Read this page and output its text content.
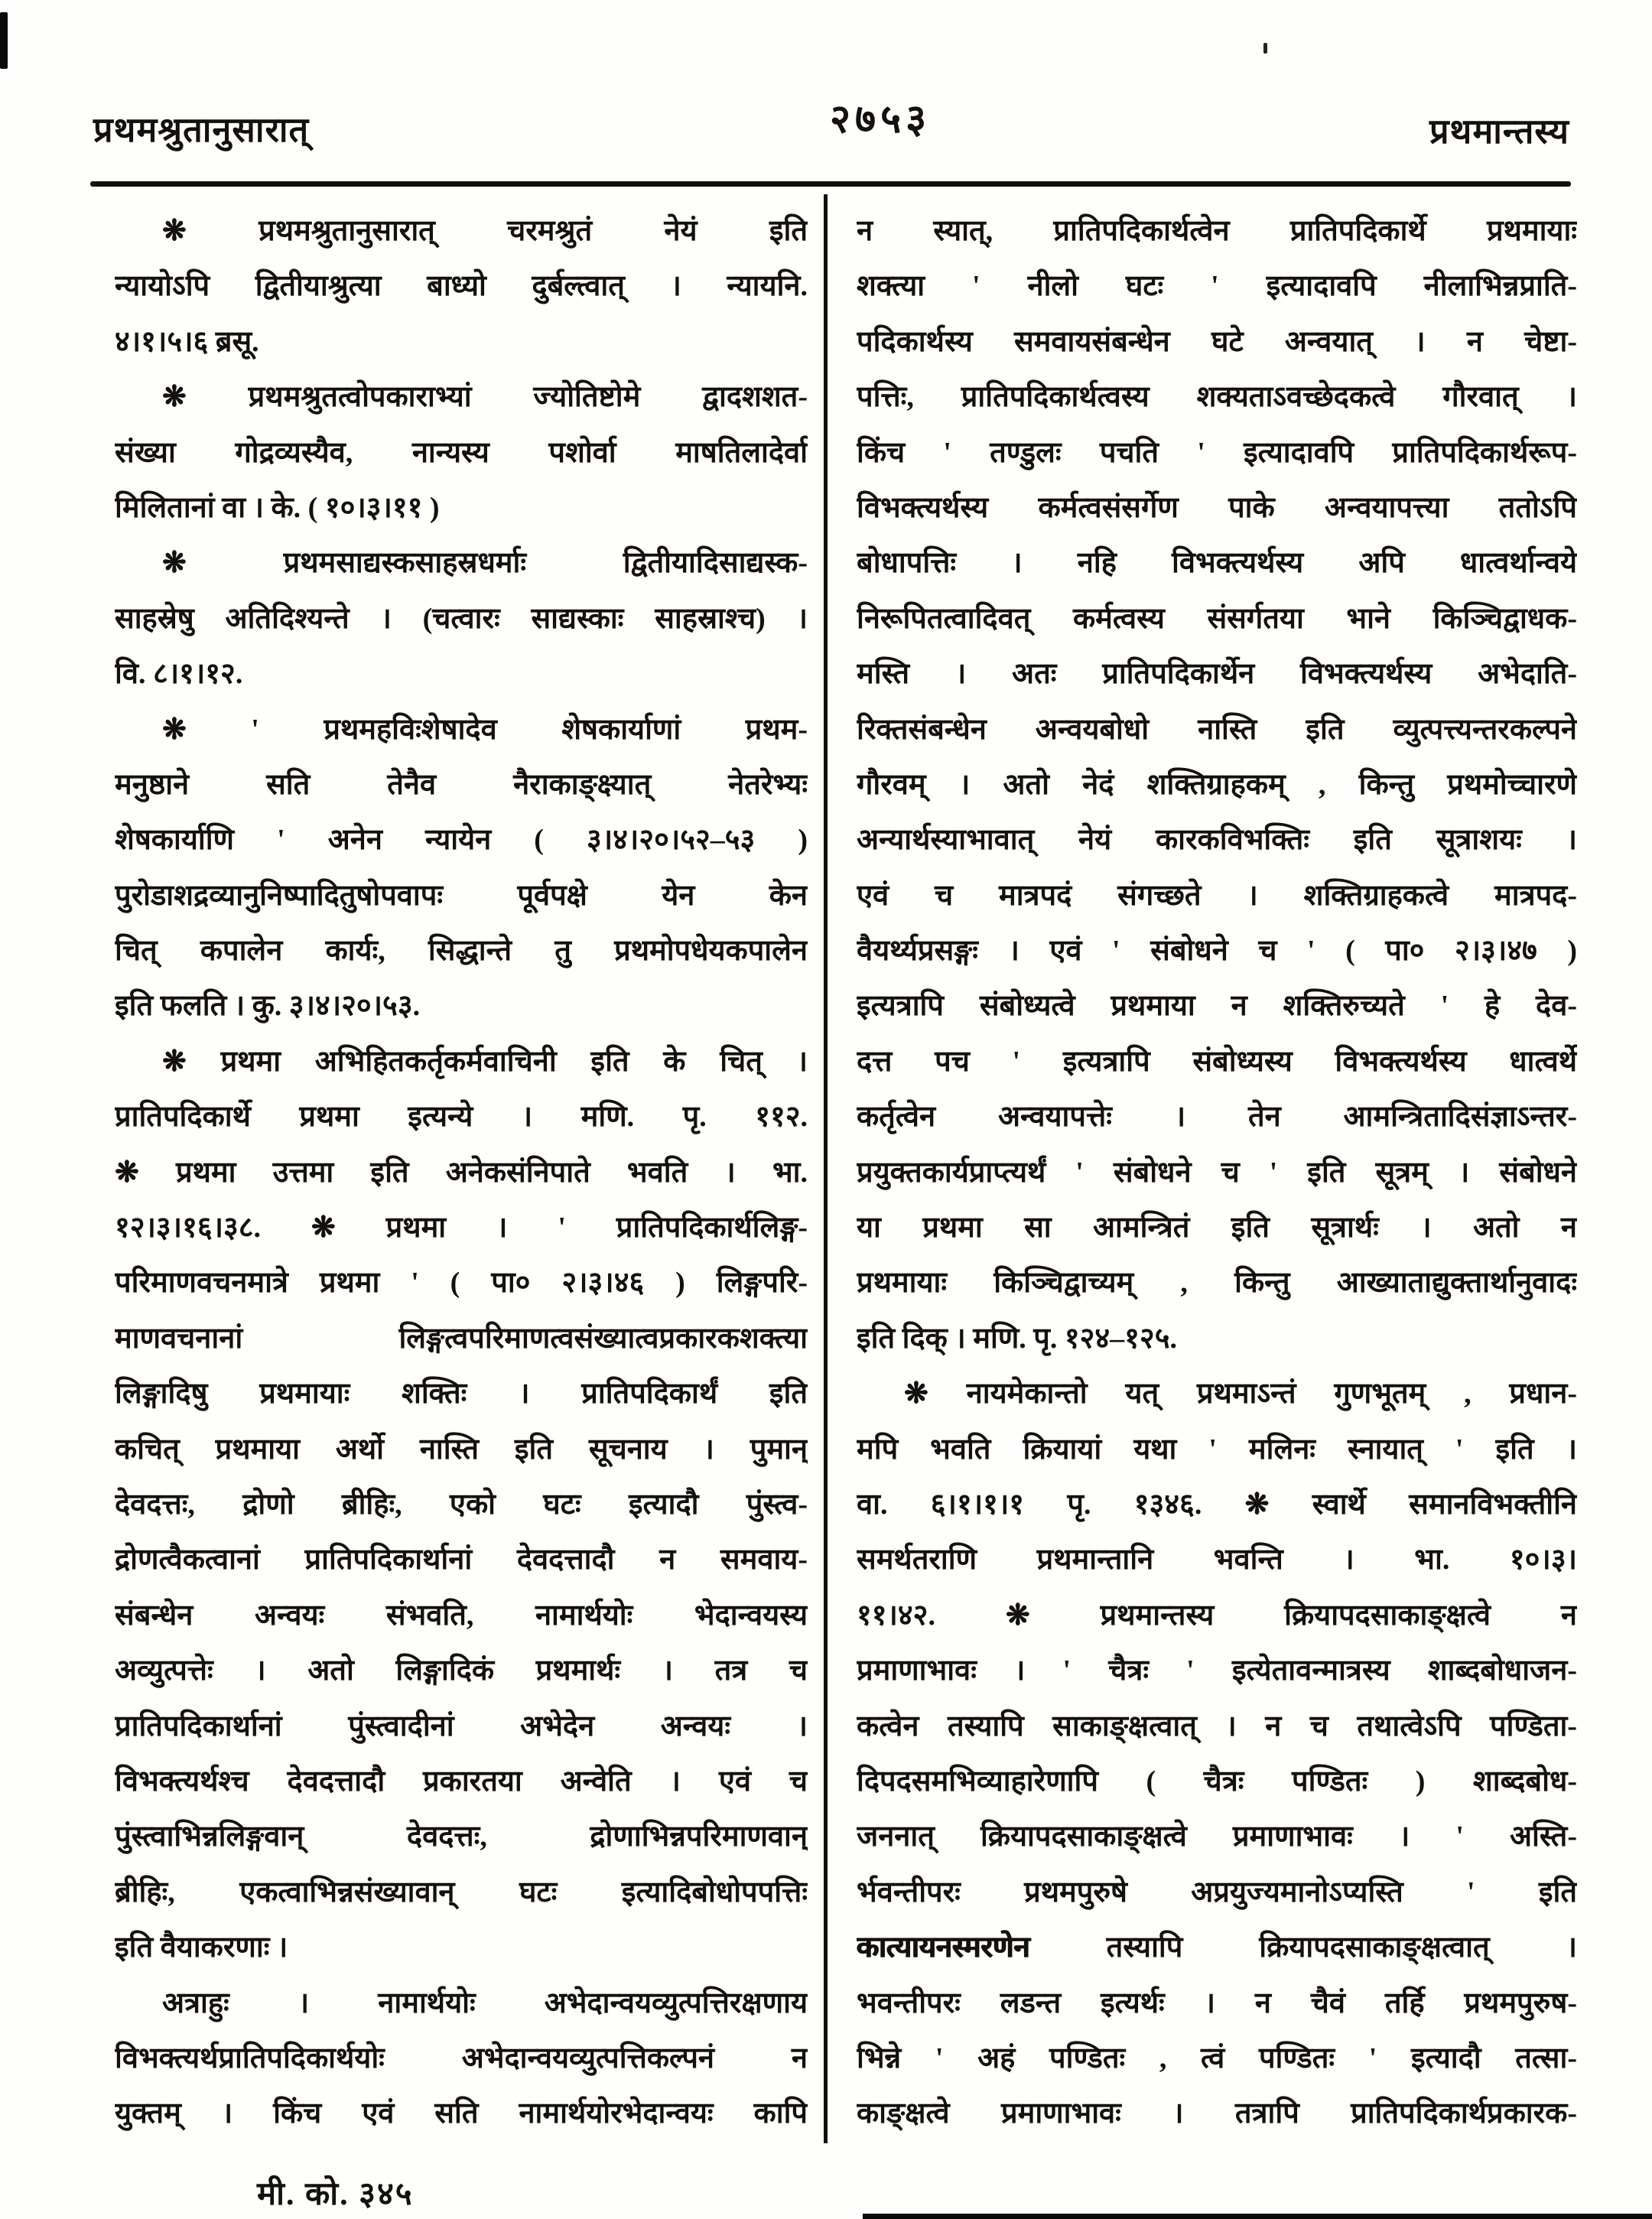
प्रथमश्रुतानुसारात्	२७५३	प्रथमान्तस्य
❋ प्रथमश्रुतानुसारात् चरमश्रुतं नेयं इति
न्यायोऽपि द्वितीयाश्रुत्या बाध्यो दुर्बल्त्वात् । न्यायनि.
४।१।५।६ ब्रसू.
❋ प्रथमश्रुतत्वोपकाराभ्यां ज्योतिष्टोमे द्वादशशत-
संख्या गोद्रव्यस्यैव, नान्यस्य पशोर्वा माषतिलादेर्वा
मिलितानां वा । के. ( १०।३।११ )
❋ प्रथमसाद्यस्कसाहस्रधर्माः द्वितीयादिसाद्यस्क-
साहस्रेषु अतिदिश्यन्ते । (चत्वारः साद्यस्काः साहस्राश्च) ।
वि. ८।१।१२.
❋ ' प्रथमहविःशेषादेव शेषकार्याणां प्रथम-
मनुष्ठाने सति तेनैव नैराकाङ्क्ष्यात् नेतरेभ्यः
शेषकार्याणि ' अनेन न्यायेन ( ३।४।२०।५२–५३ )
पुरोडाशद्रव्यानुनिष्पादितुषोपवापः पूर्वपक्षे येन केन
चित् कपालेन कार्यः, सिद्धान्ते तु प्रथमोपधेयकपालेन
इति फलति । कु. ३।४।२०।५३.
❋ प्रथमा अभिहितकर्तृकर्मवाचिनी इति के चित् ।
प्रातिपदिकार्थे प्रथमा इत्यन्ये । मणि. पृ. ११२.
❋ प्रथमा उत्तमा इति अनेकसंनिपाते भवति । भा.
१२।३।१६।३८. ❋ प्रथमा । ' प्रातिपदिकार्थलिङ्ग-
परिमाणवचनमात्रे प्रथमा ' ( पा० २।३।४६ ) लिङ्गपरि-
माणवचनानां लिङ्गत्वपरिमाणत्वसंख्यात्वप्रकारकशक्त्या
लिङ्गादिषु प्रथमायाः शक्तिः । प्रातिपदिकार्थं इति
कचित् प्रथमाया अर्थो नास्ति इति सूचनाय । पुमान्
देवदत्तः, द्रोणो ब्रीहिः, एको घटः इत्यादौ पुंस्त्व-
द्रोणत्वैकत्वानां प्रातिपदिकार्थानां देवदत्तादौ न समवाय-
संबन्धेन अन्वयः संभवति, नामार्थयोः भेदान्वयस्य
अव्युत्पत्तेः । अतो लिङ्गादिकं प्रथमार्थः । तत्र च
प्रातिपदिकार्थानां पुंस्त्वादीनां अभेदेन अन्वयः ।
विभक्त्यर्थश्च देवदत्तादौ प्रकारतया अन्वेति । एवं च
पुंस्त्वाभिन्नलिङ्गवान् देवदत्तः, द्रोणाभिन्नपरिमाणवान्
ब्रीहिः, एकत्वाभिन्नसंख्यावान् घटः इत्यादिबोधोपपत्तिः
इति वैयाकरणाः ।
अत्राहुः । नामार्थयोः अभेदान्वयव्युत्पत्तिरक्षणाय
विभक्त्यर्थप्रातिपदिकार्थयोः अभेदान्वयव्युत्पत्तिकल्पनं न
युक्तम् । किंच एवं सति नामार्थयोरभेदान्वयः कापि
न स्यात्, प्रातिपदिकार्थत्वेन प्रातिपदिकार्थे प्रथमायाः
शक्त्या ' नीलो घटः ' इत्यादावपि नीलाभिन्नप्राति-
पदिकार्थस्य समवायसंबन्धेन घटे अन्वयात् । न चेष्टा-
पत्तिः, प्रातिपदिकार्थत्वस्य शक्यताऽवच्छेदकत्वे गौरवात् ।
किंच ' तण्डुलः पचति ' इत्यादावपि प्रातिपदिकार्थरूप-
विभक्त्यर्थस्य कर्मत्वसंसर्गेण पाके अन्वयापत्त्या ततोऽपि
बोधापत्तिः । नहि विभक्त्यर्थस्य अपि धात्वर्थान्वये
निरूपितत्वादिवत् कर्मत्वस्य संसर्गतया भाने किञ्चिद्वाधक-
मस्ति । अतः प्रातिपदिकार्थेन विभक्त्यर्थस्य अभेदाति-
रिक्तसंबन्धेन अन्वयबोधो नास्ति इति व्युत्पत्त्यन्तरकल्पने
गौरवम् । अतो नेदं शक्तिग्राहकम् , किन्तु प्रथमोच्चारणे
अन्यार्थस्याभावात् नेयं कारकविभक्तिः इति सूत्राशयः ।
एवं च मात्रपदं संगच्छते । शक्तिग्राहकत्वे मात्रपद-
वैयर्थ्यप्रसङ्गः । एवं ' संबोधने च ' ( पा० २।३।४७ )
इत्यत्रापि संबोध्यत्वे प्रथमाया न शक्तिरुच्यते ' हे देव-
दत्त पच ' इत्यत्रापि संबोध्यस्य विभक्त्यर्थस्य धात्वर्थे
कर्तृत्वेन अन्वयापत्तेः । तेन आमन्त्रितादिसंज्ञाऽन्तर-
प्रयुक्तकार्यप्राप्त्यर्थं ' संबोधने च ' इति सूत्रम् । संबोधने
या प्रथमा सा आमन्त्रितं इति सूत्रार्थः । अतो न
प्रथमायाः किञ्चिद्वाच्यम् , किन्तु आख्याताद्युक्तार्थानुवादः
इति दिक् । मणि. पृ. १२४–१२५.
❋ नायमेकान्तो यत् प्रथमाऽन्तं गुणभूतम् , प्रधान-
मपि भवति क्रियायां यथा ' मलिनः स्नायात् ' इति ।
वा. ६।१।१।१ पृ. १३४६. ❋ स्वार्थे समानविभक्तीनि
समर्थतराणि प्रथमान्तानि भवन्ति । भा. १०।३।
११।४२. ❋ प्रथमान्तस्य क्रियापदसाकाङ्क्षत्वे न
प्रमाणाभावः । ' चैत्रः ' इत्येतावन्मात्रस्य शाब्दबोधाजन-
कत्वेन तस्यापि साकाङ्क्षत्वात् । न च तथात्वेऽपि पण्डिता-
दिपदसमभिव्याहारेणापि ( चैत्रः पण्डितः ) शाब्दबोध-
जननात् क्रियापदसाकाङ्क्षत्वे प्रमाणाभावः । ' अस्ति-
र्भवन्तीपरः प्रथमपुरुषे अप्रयुज्यमानोऽप्यस्ति ' इति
कात्यायनस्मरणेन तस्यापि क्रियापदसाकाङ्क्षत्वात् ।
भवन्तीपरः लडन्त इत्यर्थः । न चैवं तर्हि प्रथमपुरुष-
भिन्ने ' अहं पण्डितः , त्वं पण्डितः ' इत्यादौ तत्सा-
काङ्क्षत्वे प्रमाणाभावः । तत्रापि प्रातिपदिकार्थप्रकारक-
मी. को. ३४५
